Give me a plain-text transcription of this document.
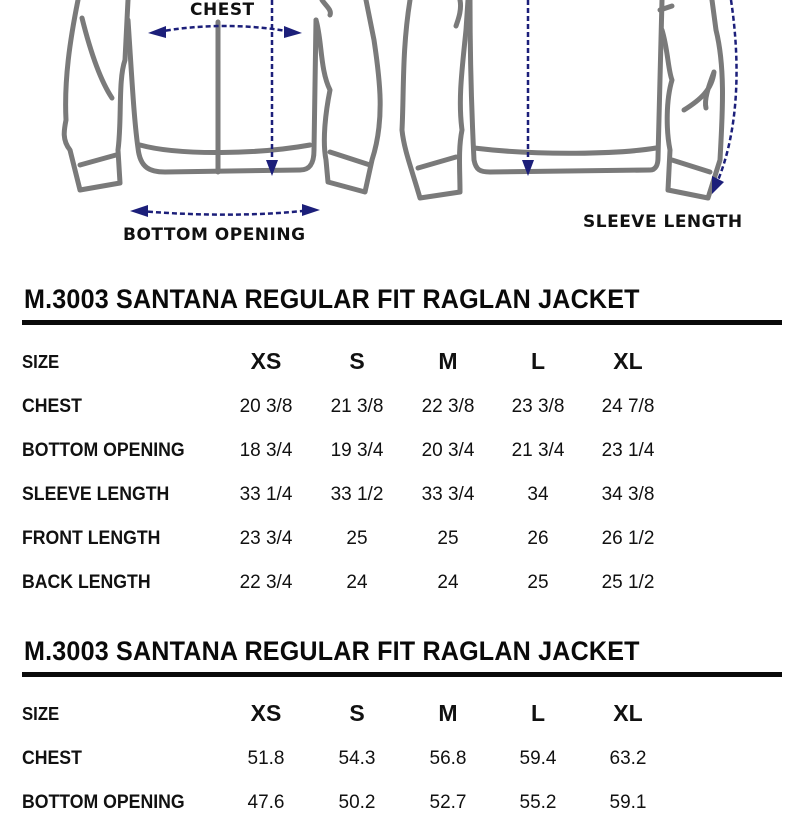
CHEST
BOTTOM OPENING
SLEEVE LENGTH
M.3003 SANTANA REGULAR FIT RAGLAN JACKET
SIZE	XS	S	M	L	XL
CHEST	20 3/8	21 3/8	22 3/8	23 3/8	24 7/8
BOTTOM OPENING	18 3/4	19 3/4	20 3/4	21 3/4	23 1/4
SLEEVE LENGTH	33 1/4	33 1/2	33 3/4	34	34 3/8
FRONT LENGTH	23 3/4	25	25	26	26 1/2
BACK LENGTH	22 3/4	24	24	25	25 1/2
M.3003 SANTANA REGULAR FIT RAGLAN JACKET
SIZE	XS	S	M	L	XL
CHEST	51.8	54.3	56.8	59.4	63.2
BOTTOM OPENING	47.6	50.2	52.7	55.2	59.1
